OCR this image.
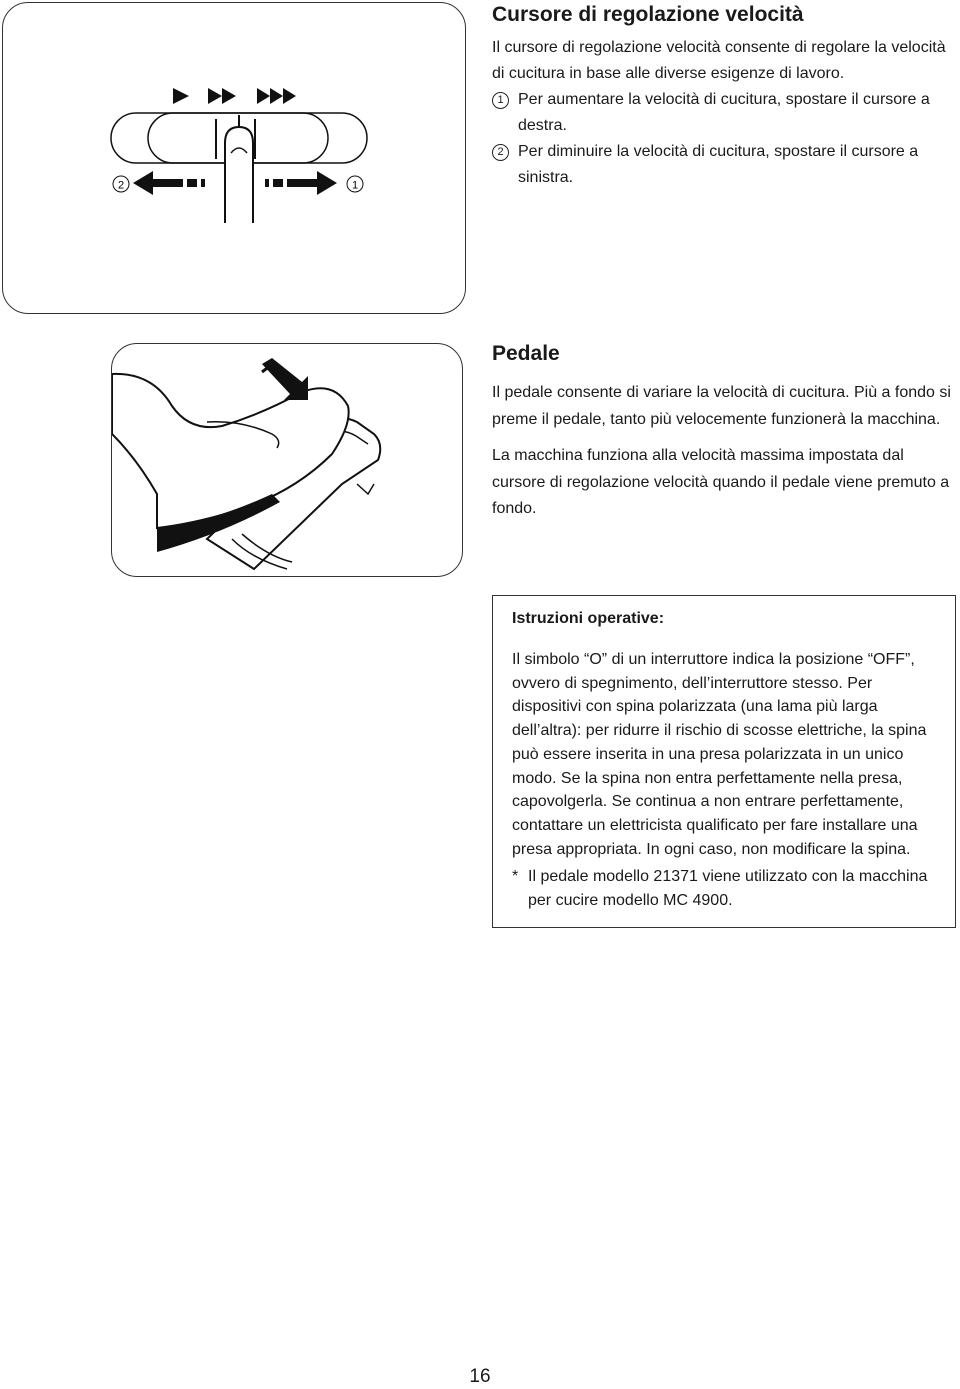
2	1
Cursore di regolazione velocità

Il cursore di regolazione velocità consente di regolare la velocità di cucitura in base alle diverse esigenze di lavoro.

1 Per aumentare la velocità di cucitura, spostare il cursore a destra.
2 Per diminuire la velocità di cucitura, spostare il cursore a sinistra.
Pedale

Il pedale consente di variare la velocità di cucitura. Più a fondo si preme il pedale, tanto più velocemente funzionerà la macchina.

La macchina funziona alla velocità massima impostata dal cursore di regolazione velocità quando il pedale viene premuto a fondo.

Istruzioni operative:

Il simbolo “O” di un interruttore indica la posizione “OFF”, ovvero di spegnimento, dell’interruttore stesso. Per dispositivi con spina polarizzata (una lama più larga dell’altra): per ridurre il rischio di scosse elettriche, la spina può essere inserita in una presa polarizzata in un unico modo. Se la spina non entra perfettamente nella presa, capovolgerla. Se continua a non entrare perfettamente, contattare un elettricista qualificato per fare installare una presa appropriata. In ogni caso, non modificare la spina.

* Il pedale modello 21371 viene utilizzato con la macchina per cucire modello MC 4900.
16
